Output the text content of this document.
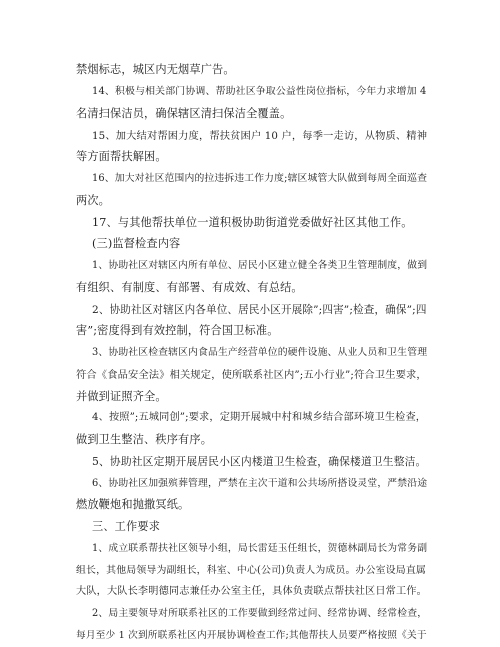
禁烟标志，城区内无烟草广告。
14、积极与相关部门协调、帮助社区争取公益性岗位指标，今年力求增加 4
名清扫保洁员，确保辖区清扫保洁全覆盖。
15、加大结对帮困力度，帮扶贫困户 10 户，每季一走访，从物质、精神
等方面帮扶解困。
16、加大对社区范围内的拉违拆违工作力度;辖区城管大队做到每周全面巡查
两次。
17、与其他帮扶单位一道积极协助街道党委做好社区其他工作。
(三)监督检查内容
1、协助社区对辖区内所有单位、居民小区建立健全各类卫生管理制度，做到
有组织、有制度、有部署、有成效、有总结。
2、协助社区对辖区内各单位、居民小区开展除”;四害”;检查，确保”;四
害”;密度得到有效控制，符合国卫标准。
3、协助社区检查辖区内食品生产经营单位的硬件设施、从业人员和卫生管理
符合《食品安全法》相关规定，使所联系社区内”;五小行业”;符合卫生要求，
并做到证照齐全。
4、按照”;五城同创”;要求，定期开展城中村和城乡结合部环境卫生检查，
做到卫生整洁、秩序有序。
5、协助社区定期开展居民小区内楼道卫生检查，确保楼道卫生整洁。
6、协助社区加强殡葬管理，严禁在主次干道和公共场所搭设灵堂，严禁沿途
燃放鞭炮和抛撒冥纸。
三、工作要求
1、成立联系帮扶社区领导小组，局长雷廷玉任组长，贺德林副局长为常务副
组长，其他局领导为副组长，科室、中心(公司)负责人为成员。办公室设局直属
大队，大队长李明德同志兼任办公室主任，具体负责联点帮扶社区日常工作。
2、局主要领导对所联系社区的工作要做到经常过问、经常协调、经常检查，
每月至少 1 次到所联系社区内开展协调检查工作;其他帮扶人员要严格按照《关于
